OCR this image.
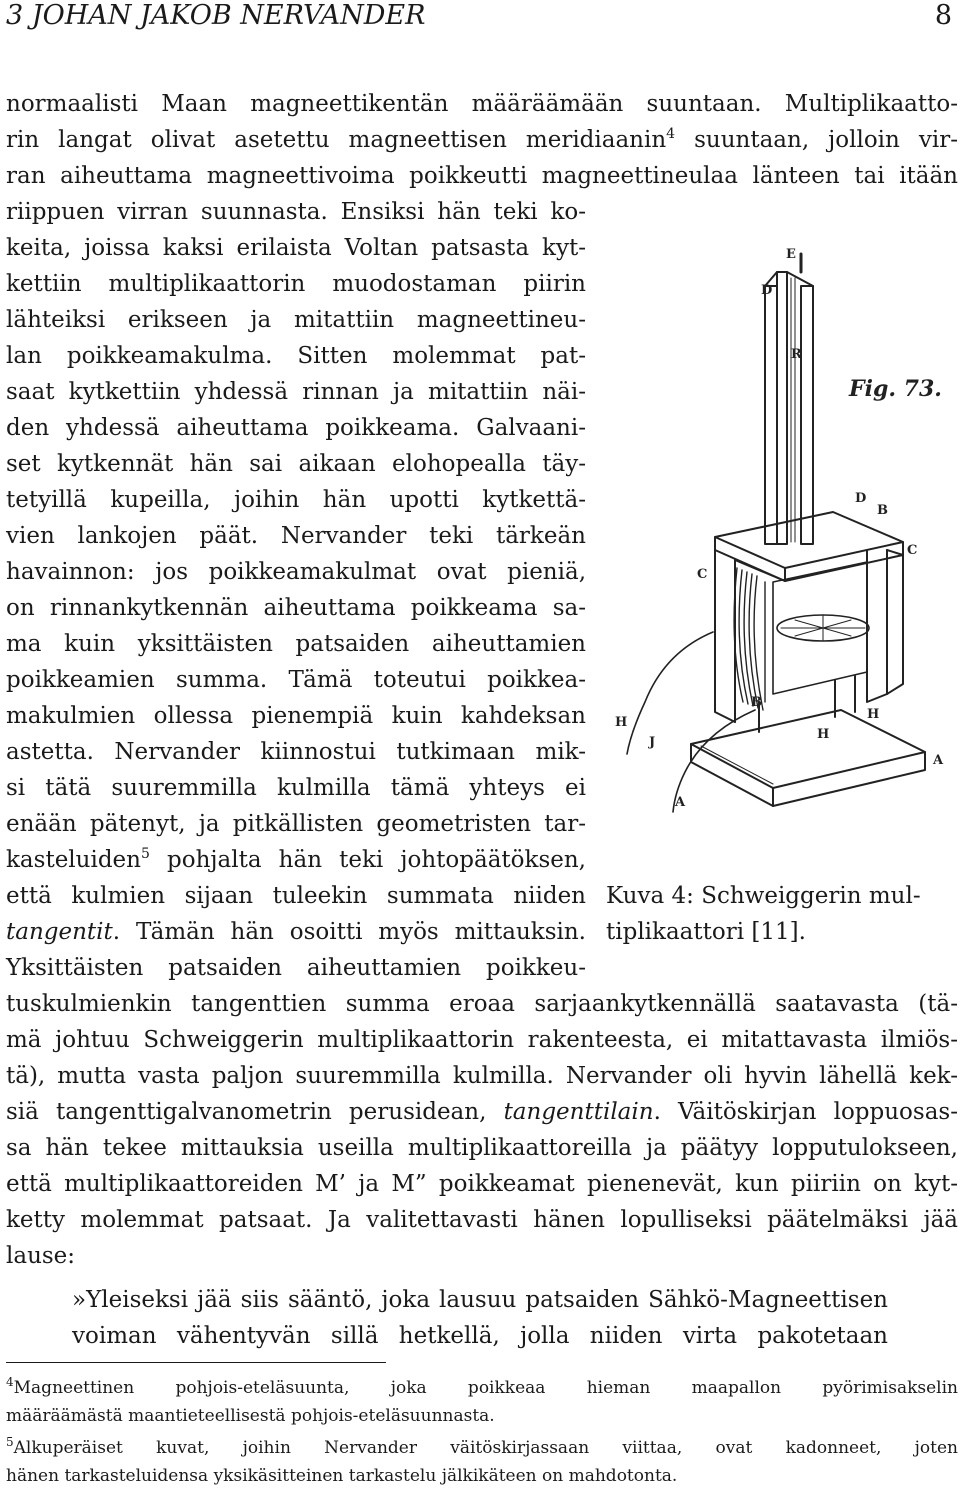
3 JOHAN JAKOB NERVANDER	8
normaalisti Maan magneettikentän määräämään suuntaan. Multiplikaatto-
rin langat olivat asetettu magneettisen meridiaanin$^4$ suuntaan, jolloin vir-
ran aiheuttama magneettivoima poikkeutti magneettineulaa länteen tai itään
riippuen virran suunnasta. Ensiksi hän teki ko-
keita, joissa kaksi erilaista Voltan patsasta kyt-
kettiin multiplikaattorin muodostaman piirin
lähteiksi erikseen ja mitattiin magneettineu-
lan poikkeamakulma. Sitten molemmat pat-
saat kytkettiin yhdessä rinnan ja mitattiin näi-
den yhdessä aiheuttama poikkeama. Galvaani-
set kytkennät hän sai aikaan elohopealla täy-
tetyillä kupeilla, joihin hän upotti kytkettä-
vien lankojen päät. Nervander teki tärkeän
havainnon: jos poikkeamakulmat ovat pieniä,
on rinnankytkennän aiheuttama poikkeama sa-
ma kuin yksittäisten patsaiden aiheuttamien
poikkeamien summa. Tämä toteutui poikkea-
makulmien ollessa pienempiä kuin kahdeksan
astetta. Nervander kiinnostui tutkimaan mik-
si tätä suuremmilla kulmilla tämä yhteys ei
enään pätenyt, ja pitkällisten geometristen tar-
kasteluiden$^5$ pohjalta hän teki johtopäätöksen,
että kulmien sijaan tuleekin summata niiden
tangentit. Tämän hän osoitti myös mittauksin.
Yksittäisten patsaiden aiheuttamien poikkeu-
tuskulmienkin tangenttien summa eroaa sarjaankytkennällä saatavasta (tä-
mä johtuu Schweiggerin multiplikaattorin rakenteesta, ei mitattavasta ilmiös-
tä), mutta vasta paljon suuremmilla kulmilla. Nervander oli hyvin lähellä kek-
siä tangenttigalvanometrin perusidean, tangenttilain. Väitöskirjan loppuosas-
sa hän tekee mittauksia useilla multiplikaattoreilla ja päätyy lopputulokseen,
että multiplikaattoreiden M’ ja M” poikkeamat pienenevät, kun piiriin on kyt-
ketty molemmat patsaat. Ja valitettavasti hänen lopulliseksi päätelmäksi jää
lause:
E
D
R
D
B
C
C
B
H
H
J
A
A
H
Fig. 73.
Kuva 4: Schweiggerin mul-
tiplikaattori [11].
»Yleiseksi jää siis sääntö, joka lausuu patsaiden Sähkö-Magneettisen
voiman vähentyvän sillä hetkellä, jolla niiden virta pakotetaan
$^4$Magneettinen pohjois-eteläsuunta, joka poikkeaa hieman maapallon pyörimisakselin
määräämästä maantieteellisestä pohjois-eteläsuunnasta.
$^5$Alkuperäiset kuvat, joihin Nervander väitöskirjassaan viittaa, ovat kadonneet, joten
hänen tarkasteluidensa yksikäsitteinen tarkastelu jälkikäteen on mahdotonta.
